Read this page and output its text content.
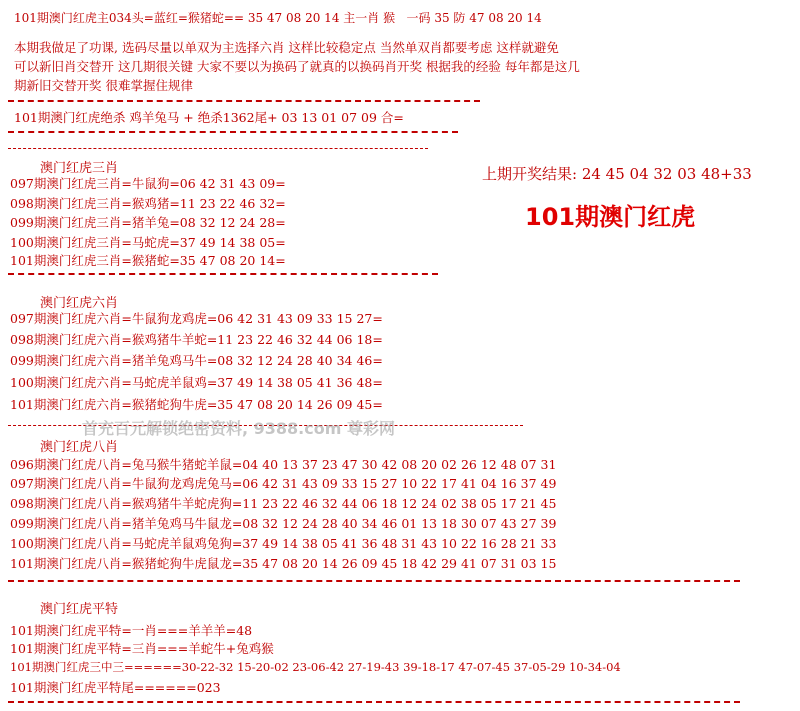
101期澳门红虎主034头=蓝红=猴猪蛇== 35 47 08 20 14 主一肖 猴   一码 35 防 47 08 20 14
本期我做足了功课, 选码尽量以单双为主选择六肖 这样比较稳定点 当然单双肖都要考虑 这样就避免
可以新旧肖交替开 这几期很关键 大家不要以为换码了就真的以换码肖开奖 根据我的经验 每年都是这几
期新旧交替开奖 很难掌握住规律
101期澳门红虎绝杀 鸡羊兔马 + 绝杀1362尾+ 03 13 01 07 09 合=
上期开奖结果: 24 45 04 32 03 48+33
101期澳门红虎
澳门红虎三肖
097期澳门红虎三肖=牛鼠狗=06 42 31 43 09=
098期澳门红虎三肖=猴鸡猪=11 23 22 46 32=
099期澳门红虎三肖=猪羊兔=08 32 12 24 28=
100期澳门红虎三肖=马蛇虎=37 49 14 38 05=
101期澳门红虎三肖=猴猪蛇=35 47 08 20 14=
澳门红虎六肖
097期澳门红虎六肖=牛鼠狗龙鸡虎=06 42 31 43 09 33 15 27=
098期澳门红虎六肖=猴鸡猪牛羊蛇=11 23 22 46 32 44 06 18=
099期澳门红虎六肖=猪羊兔鸡马牛=08 32 12 24 28 40 34 46=
100期澳门红虎六肖=马蛇虎羊鼠鸡=37 49 14 38 05 41 36 48=
101期澳门红虎六肖=猴猪蛇狗牛虎=35 47 08 20 14 26 09 45=
首充百元解锁绝密资料, 9388.com 尊彩网
澳门红虎八肖
096期澳门红虎八肖=兔马猴牛猪蛇羊鼠=04 40 13 37 23 47 30 42 08 20 02 26 12 48 07 31
097期澳门红虎八肖=牛鼠狗龙鸡虎兔马=06 42 31 43 09 33 15 27 10 22 17 41 04 16 37 49
098期澳门红虎八肖=猴鸡猪牛羊蛇虎狗=11 23 22 46 32 44 06 18 12 24 02 38 05 17 21 45
099期澳门红虎八肖=猪羊兔鸡马牛鼠龙=08 32 12 24 28 40 34 46 01 13 18 30 07 43 27 39
100期澳门红虎八肖=马蛇虎羊鼠鸡兔狗=37 49 14 38 05 41 36 48 31 43 10 22 16 28 21 33
101期澳门红虎八肖=猴猪蛇狗牛虎鼠龙=35 47 08 20 14 26 09 45 18 42 29 41 07 31 03 15
澳门红虎平特
101期澳门红虎平特=一肖===羊羊羊=48
101期澳门红虎平特=三肖===羊蛇牛+兔鸡猴
101期澳门红虎三中三======30-22-32 15-20-02 23-06-42 27-19-43 39-18-17 47-07-45 37-05-29 10-34-04
101期澳门红虎平特尾======023
